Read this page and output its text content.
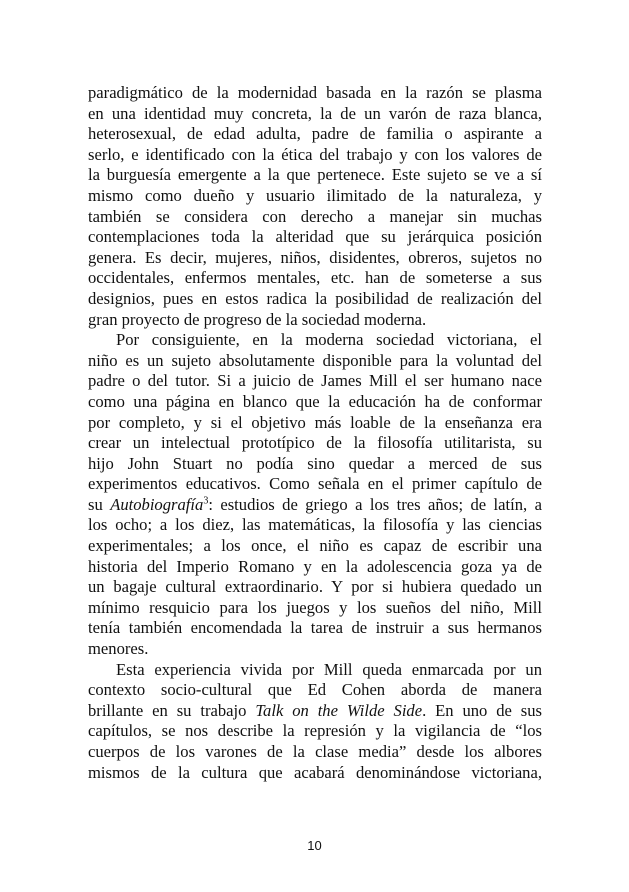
paradigmático de la modernidad basada en la razón se plasma
en una identidad muy concreta, la de un varón de raza blanca,
heterosexual, de edad adulta, padre de familia o aspirante a
serlo, e identificado con la ética del trabajo y con los valores de
la burguesía emergente a la que pertenece. Este sujeto se ve a sí
mismo como dueño y usuario ilimitado de la naturaleza, y
también se considera con derecho a manejar sin muchas
contemplaciones toda la alteridad que su jerárquica posición
genera. Es decir, mujeres, niños, disidentes, obreros, sujetos no
occidentales, enfermos mentales, etc. han de someterse a sus
designios, pues en estos radica la posibilidad de realización del
gran proyecto de progreso de la sociedad moderna.

Por consiguiente, en la moderna sociedad victoriana, el
niño es un sujeto absolutamente disponible para la voluntad del
padre o del tutor. Si a juicio de James Mill el ser humano nace
como una página en blanco que la educación ha de conformar
por completo, y si el objetivo más loable de la enseñanza era
crear un intelectual prototípico de la filosofía utilitarista, su
hijo John Stuart no podía sino quedar a merced de sus
experimentos educativos. Como señala en el primer capítulo de
su Autobiografía$^3$: estudios de griego a los tres años; de latín, a
los ocho; a los diez, las matemáticas, la filosofía y las ciencias
experimentales; a los once, el niño es capaz de escribir una
historia del Imperio Romano y en la adolescencia goza ya de
un bagaje cultural extraordinario. Y por si hubiera quedado un
mínimo resquicio para los juegos y los sueños del niño, Mill
tenía también encomendada la tarea de instruir a sus hermanos
menores.

Esta experiencia vivida por Mill queda enmarcada por un
contexto socio-cultural que Ed Cohen aborda de manera
brillante en su trabajo Talk on the Wilde Side. En uno de sus
capítulos, se nos describe la represión y la vigilancia de “los
cuerpos de los varones de la clase media” desde los albores
mismos de la cultura que acabará denominándose victoriana,

10
